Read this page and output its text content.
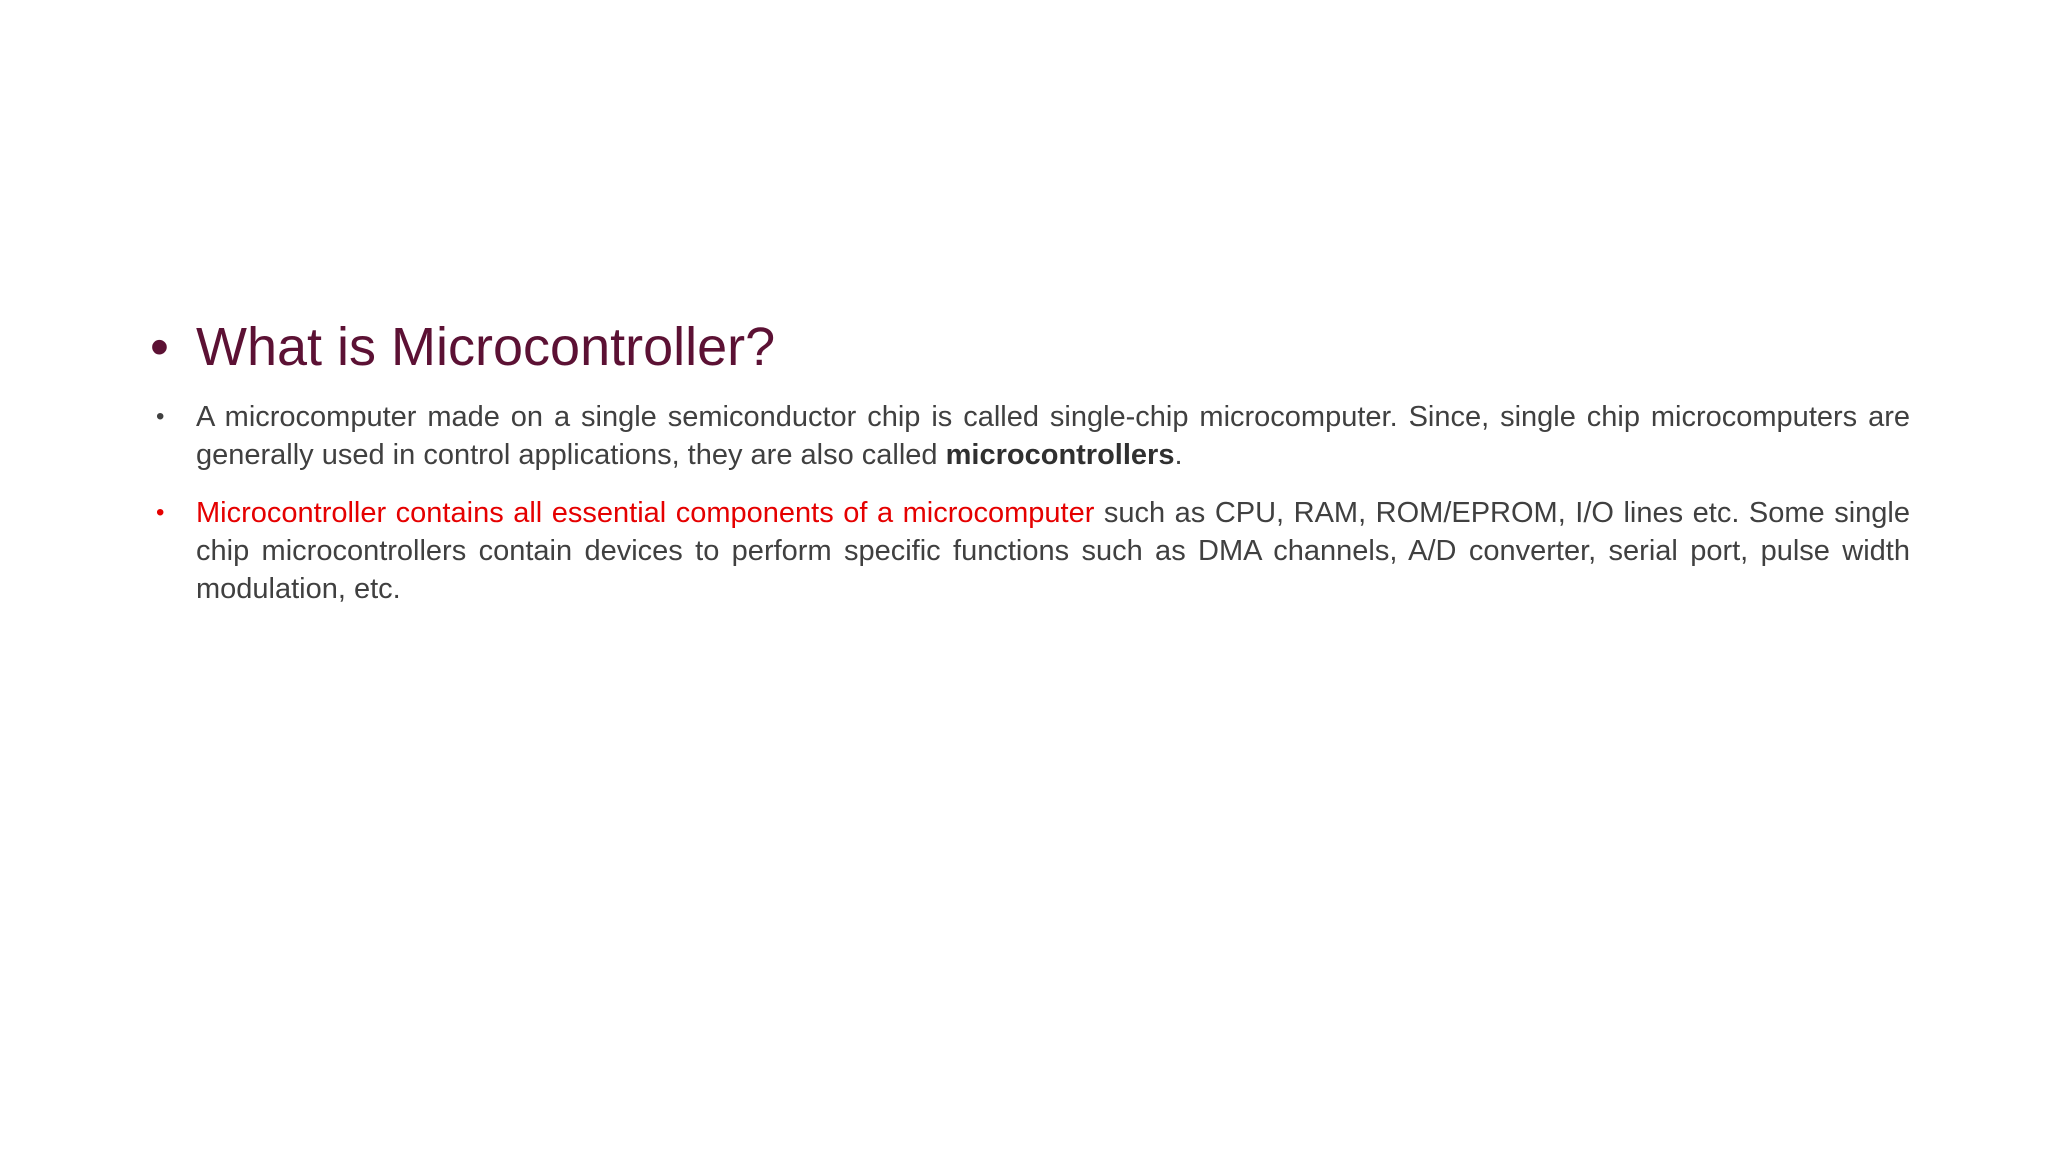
• What is Microcontroller?
• A microcomputer made on a single semiconductor chip is called single-chip microcomputer. Since, single chip microcomputers are generally used in control applications, they are also called microcontrollers.
• Microcontroller contains all essential components of a microcomputer such as CPU, RAM, ROM/EPROM, I/O lines etc. Some single chip microcontrollers contain devices to perform specific functions such as DMA channels, A/D converter, serial port, pulse width modulation, etc.
